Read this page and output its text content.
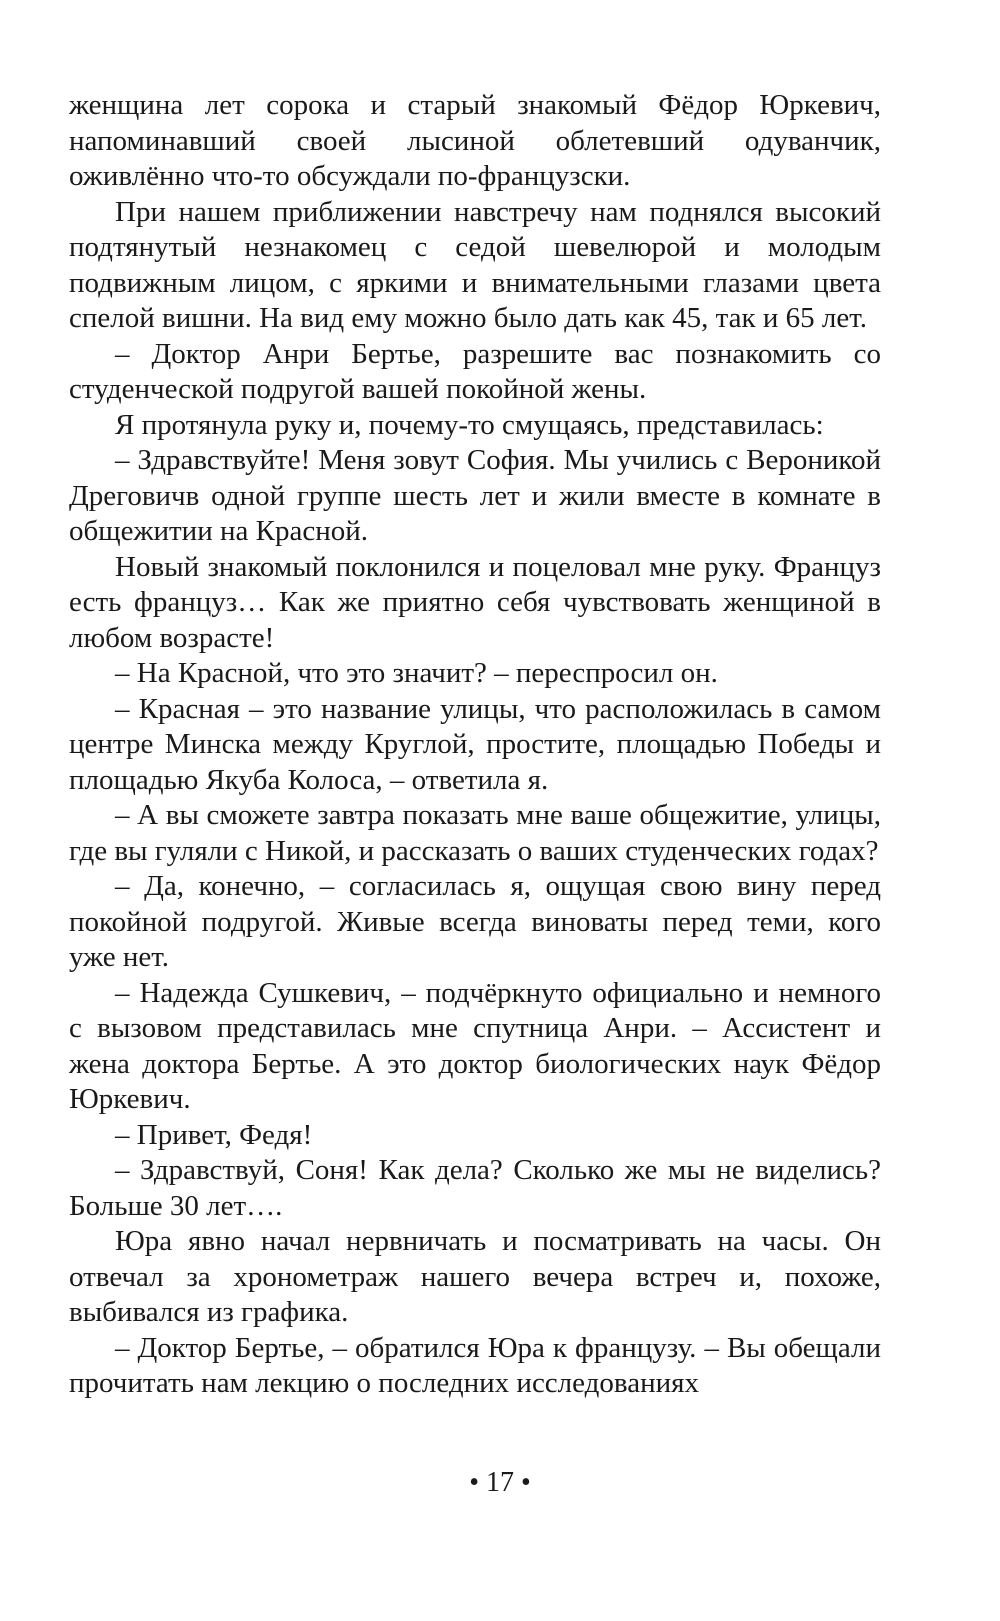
женщина лет сорока и старый знакомый Фёдор Юркевич, напоминавший своей лысиной облетевший одуванчик, оживлённо что-то обсуждали по-французски.

При нашем приближении навстречу нам поднялся высокий подтянутый незнакомец с седой шевелюрой и молодым подвижным лицом, с яркими и внимательными глазами цвета спелой вишни. На вид ему можно было дать как 45, так и 65 лет.

– Доктор Анри Бертье, разрешите вас познакомить со студенческой подругой вашей покойной жены.

Я протянула руку и, почему-то смущаясь, представилась:

– Здравствуйте! Меня зовут София. Мы учились с Вероникой Дреговичв одной группе шесть лет и жили вместе в комнате в общежитии на Красной.

Новый знакомый поклонился и поцеловал мне руку. Француз есть француз… Как же приятно себя чувствовать женщиной в любом возрасте!

– На Красной, что это значит? – переспросил он.

– Красная – это название улицы, что расположилась в самом центре Минска между Круглой, простите, площадью Победы и площадью Якуба Колоса, – ответила я.

– А вы сможете завтра показать мне ваше общежитие, улицы, где вы гуляли с Никой, и рассказать о ваших студенческих годах?

– Да, конечно, – согласилась я, ощущая свою вину перед покойной подругой. Живые всегда виноваты перед теми, кого уже нет.

– Надежда Сушкевич, – подчёркнуто официально и немного с вызовом представилась мне спутница Анри. – Ассистент и жена доктора Бертье. А это доктор биологических наук Фёдор Юркевич.

– Привет, Федя!

– Здравствуй, Соня! Как дела? Сколько же мы не виделись? Больше 30 лет….

Юра явно начал нервничать и посматривать на часы. Он отвечал за хронометраж нашего вечера встреч и, похоже, выбивался из графика.

– Доктор Бертье, – обратился Юра к французу. – Вы обещали прочитать нам лекцию о последних исследованиях

• 17 •
